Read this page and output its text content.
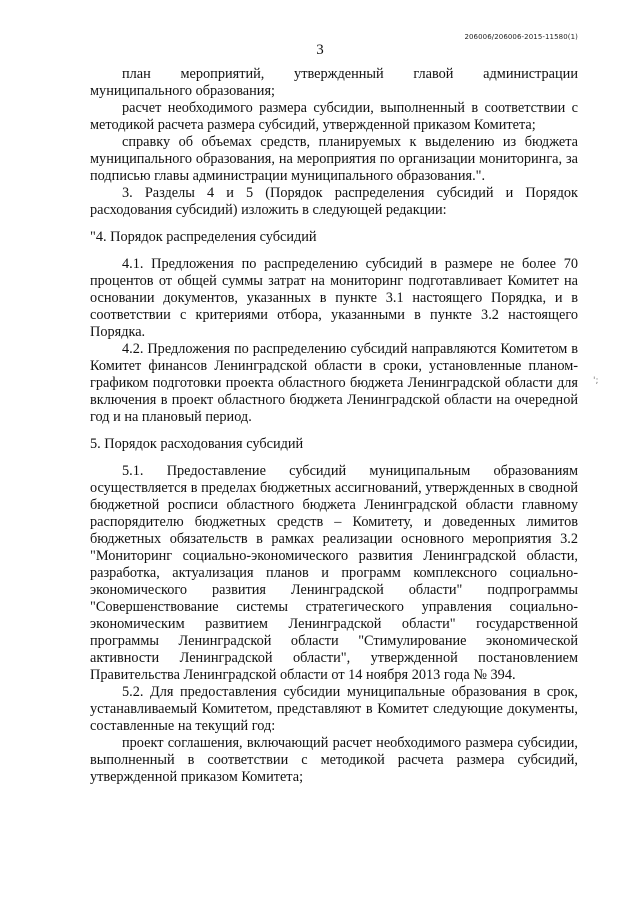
206006/206006-2015-11580(1)
3
';

план мероприятий, утвержденный главой администрации муниципального образования;

расчет необходимого размера субсидии, выполненный в соответствии с методикой расчета размера субсидий, утвержденной приказом Комитета;

справку об объемах средств, планируемых к выделению из бюджета муниципального образования, на мероприятия по организации мониторинга, за подписью главы администрации муниципального образования.".

3. Разделы 4 и 5 (Порядок распределения субсидий и Порядок расходования субсидий) изложить в следующей редакции:

"4. Порядок распределения субсидий

4.1. Предложения по распределению субсидий в размере не более 70 процентов от общей суммы затрат на мониторинг подготавливает Комитет на основании документов, указанных в пункте 3.1 настоящего Порядка, и в соответствии с критериями отбора, указанными в пункте 3.2 настоящего Порядка.

4.2. Предложения по распределению субсидий направляются Комитетом в Комитет финансов Ленинградской области в сроки, установленные планом-графиком подготовки проекта областного бюджета Ленинградской области для включения в проект областного бюджета Ленинградской области на очередной год и на плановый период.

5. Порядок расходования субсидий

5.1. Предоставление субсидий муниципальным образованиям осуществляется в пределах бюджетных ассигнований, утвержденных в сводной бюджетной росписи областного бюджета Ленинградской области главному распорядителю бюджетных средств – Комитету, и доведенных лимитов бюджетных обязательств в рамках реализации основного мероприятия 3.2 "Мониторинг социально-экономического развития Ленинградской области, разработка, актуализация планов и программ комплексного социально-экономического развития Ленинградской области" подпрограммы "Совершенствование системы стратегического управления социально-экономическим развитием Ленинградской области" государственной программы Ленинградской области "Стимулирование экономической активности Ленинградской области", утвержденной постановлением Правительства Ленинградской области от 14 ноября 2013 года № 394.

5.2. Для предоставления субсидии муниципальные образования в срок, устанавливаемый Комитетом, представляют в Комитет следующие документы, составленные на текущий год:

проект соглашения, включающий расчет необходимого размера субсидии, выполненный в соответствии с методикой расчета размера субсидий, утвержденной приказом Комитета;
